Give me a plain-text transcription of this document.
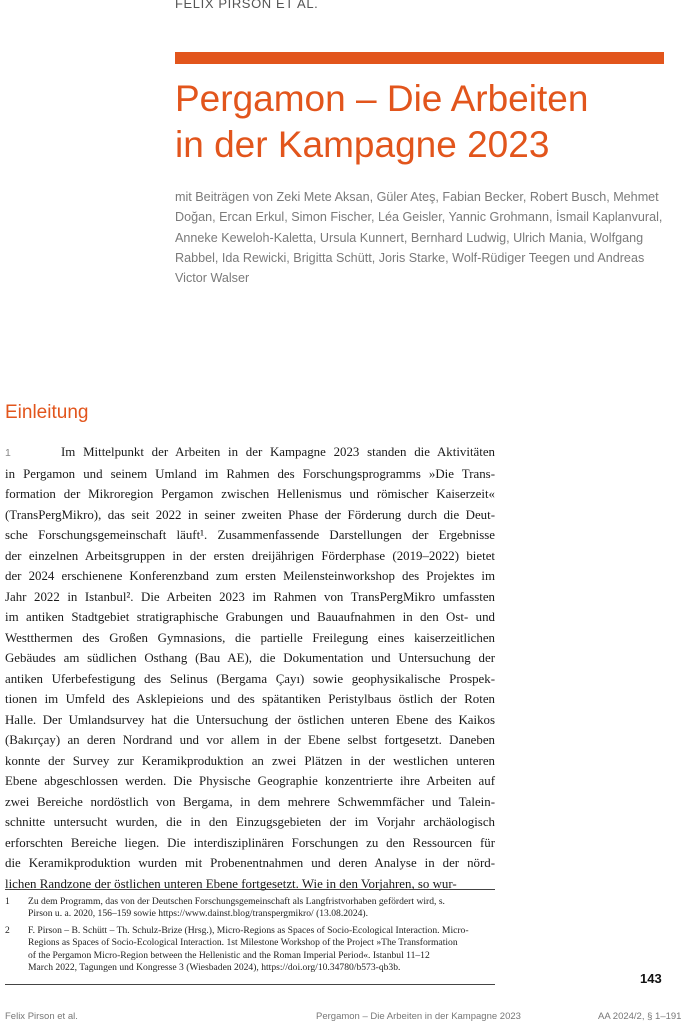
FELIX PIRSON ET AL.
Pergamon – Die Arbeiten
in der Kampagne 2023

mit Beiträgen von Zeki Mete Aksan, Güler Ateş, Fabian Becker, Robert Busch, Mehmet
Doğan, Ercan Erkul, Simon Fischer, Léa Geisler, Yannic Grohmann, İsmail Kaplanvural,
Anneke Keweloh-Kaletta, Ursula Kunnert, Bernhard Ludwig, Ulrich Mania, Wolfgang
Rabbel, Ida Rewicki, Brigitta Schütt, Joris Starke, Wolf-Rüdiger Teegen und Andreas
Victor Walser

Einleitung
1	Im Mittelpunkt der Arbeiten in der Kampagne 2023 standen die Aktivitäten
in Pergamon und seinem Umland im Rahmen des Forschungsprogramms »Die Trans-
formation der Mikroregion Pergamon zwischen Hellenismus und römischer Kaiserzeit«
(TransPergMikro), das seit 2022 in seiner zweiten Phase der Förderung durch die Deut-
sche Forschungsgemeinschaft läuft¹. Zusammenfassende Darstellungen der Ergebnisse
der einzelnen Arbeitsgruppen in der ersten dreijährigen Förderphase (2019–2022) bietet
der 2024 erschienene Konferenzband zum ersten Meilensteinworkshop des Projektes im
Jahr 2022 in Istanbul². Die Arbeiten 2023 im Rahmen von TransPergMikro umfassten
im antiken Stadtgebiet stratigraphische Grabungen und Bauaufnahmen in den Ost- und
Westthermen des Großen Gymnasions, die partielle Freilegung eines kaiserzeitlichen
Gebäudes am südlichen Osthang (Bau AE), die Dokumentation und Untersuchung der
antiken Uferbefestigung des Selinus (Bergama Çayı) sowie geophysikalische Prospek-
tionen im Umfeld des Asklepieions und des spätantiken Peristylbaus östlich der Roten
Halle. Der Umlandsurvey hat die Untersuchung der östlichen unteren Ebene des Kaikos
(Bakırçay) an deren Nordrand und vor allem in der Ebene selbst fortgesetzt. Daneben
konnte der Survey zur Keramikproduktion an zwei Plätzen in der westlichen unteren
Ebene abgeschlossen werden. Die Physische Geographie konzentrierte ihre Arbeiten auf
zwei Bereiche nordöstlich von Bergama, in dem mehrere Schwemmfächer und Talein-
schnitte untersucht wurden, die in den Einzugsgebieten der im Vorjahr archäologisch
erforschten Bereiche liegen. Die interdisziplinären Forschungen zu den Ressourcen für
die Keramikproduktion wurden mit Probenentnahmen und deren Analyse in der nörd-
lichen Randzone der östlichen unteren Ebene fortgesetzt. Wie in den Vorjahren, so wur-
1	Zu dem Programm, das von der Deutschen Forschungsgemeinschaft als Langfristvorhaben gefördert wird, s.
Pirson u. a. 2020, 156–159 sowie https://www.dainst.blog/transpergmikro/ (13.08.2024).
2	F. Pirson – B. Schütt – Th. Schulz-Brize (Hrsg.), Micro-Regions as Spaces of Socio-Ecological Interaction. Micro-
Regions as Spaces of Socio-Ecological Interaction. 1st Milestone Workshop of the Project »The Transformation
of the Pergamon Micro-Region between the Hellenistic and the Roman Imperial Period«. Istanbul 11–12
March 2022, Tagungen und Kongresse 3 (Wiesbaden 2024), https://doi.org/10.34780/b573-qb3b.
143
Felix Pirson et al.	Pergamon – Die Arbeiten in der Kampagne 2023	AA 2024/2, § 1–191
